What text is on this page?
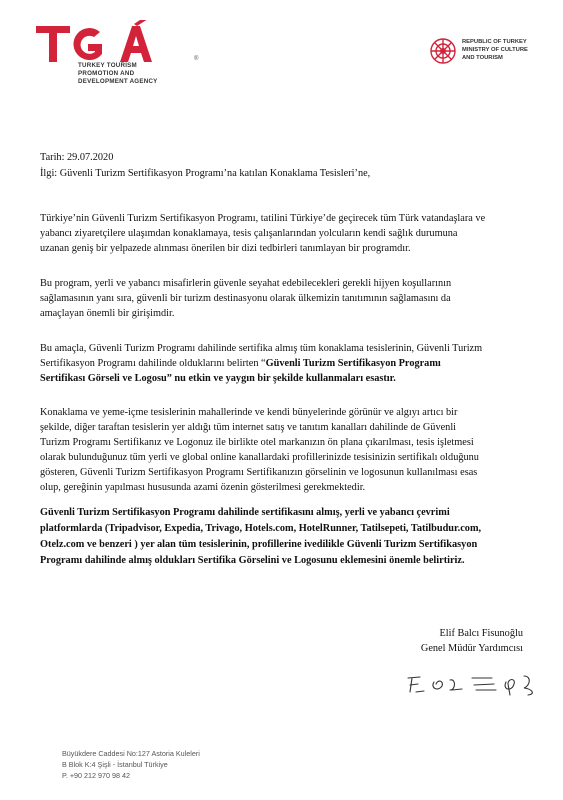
®
TURKEY TOURISM
PROMOTION AND
DEVELOPMENT AGENCY
REPUBLIC OF TURKEY
MINISTRY OF CULTURE
AND TOURISM
Tarih: 29.07.2020
İlgi: Güvenli Turizm Sertifikasyon Programı’na katılan Konaklama Tesisleri’ne,
Türkiye’nin Güvenli Turizm Sertifikasyon Programı, tatilini Türkiye’de geçirecek tüm Türk vatandaşlara ve
yabancı ziyaretçilere ulaşımdan konaklamaya, tesis çalışanlarından yolcuların kendi sağlık durumuna
uzanan geniş bir yelpazede alınması önerilen bir dizi tedbirleri tanımlayan bir programdır.
Bu program, yerli ve yabancı misafirlerin güvenle seyahat edebilecekleri gerekli hijyen koşullarının
sağlamasının yanı sıra, güvenli bir turizm destinasyonu olarak ülkemizin tanıtımının sağlamasını da
amaçlayan önemli bir girişimdir.
Bu amaçla, Güvenli Turizm Programı dahilinde sertifika almış tüm konaklama tesislerinin, Güvenli Turizm
Sertifikasyon Programı dahilinde olduklarını belirten “Güvenli Turizm Sertifikasyon Programı
Sertifikası Görseli ve Logosu” nu etkin ve yaygın bir şekilde kullanmaları esastır.
Konaklama ve yeme-içme tesislerinin mahallerinde ve kendi bünyelerinde görünür ve algıyı artıcı bir
şekilde, diğer taraftan tesislerin yer aldığı tüm internet satış ve tanıtım kanalları dahilinde de Güvenli
Turizm Programı Sertifikanız ve Logonuz ile birlikte otel markanızın ön plana çıkarılması, tesis işletmesi
olarak bulunduğunuz tüm yerli ve global online kanallardaki profillerinizde tesisinizin sertifikalı olduğunu
gösteren, Güvenli Turizm Sertifikasyon Programı Sertifikanızın görselinin ve logosunun kullanılması esas
olup, gereğinin yapılması hususunda azami özenin gösterilmesi gerekmektedir.
Güvenli Turizm Sertifikasyon Programı dahilinde sertifikasını almış, yerli ve yabancı çevrimi
platformlarda (Tripadvisor, Expedia, Trivago, Hotels.com, HotelRunner, Tatilsepeti, Tatilbudur.com,
Otelz.com ve benzeri ) yer alan tüm tesislerinin, profillerine ivedilikle Güvenli Turizm Sertifikasyon
Programı dahilinde almış oldukları Sertifika Görselini ve Logosunu eklemesini önemle belirtiriz.
Elif Balcı Fisunoğlu
Genel Müdür Yardımcısı
Büyükdere Caddesi No:127 Astoria Kuleleri
B Blok K:4 Şişli - İstanbul Türkiye
P. +90 212 970 98 42
